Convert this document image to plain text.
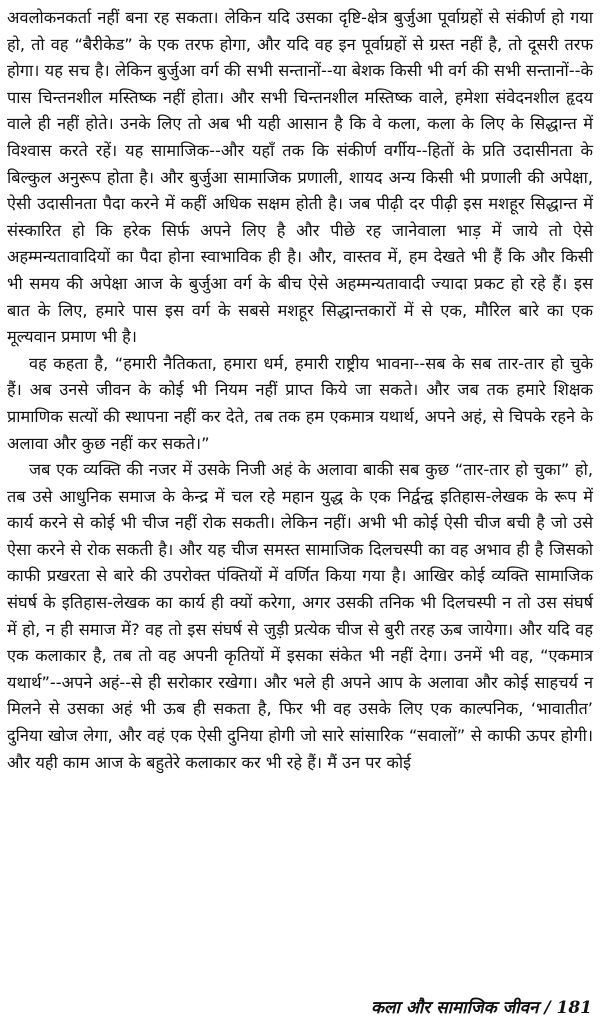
अवलोकनकर्ता नहीं बना रह सकता। लेकिन यदि उसका दृष्टि-क्षेत्र बुर्जुआ पूर्वाग्रहों से संकीर्ण हो गया हो, तो वह “बैरीकेड” के एक तरफ होगा, और यदि वह इन पूर्वाग्रहों से ग्रस्त नहीं है, तो दूसरी तरफ होगा। यह सच है। लेकिन बुर्जुआ वर्ग की सभी सन्तानों--या बेशक किसी भी वर्ग की सभी सन्तानों--के पास चिन्तनशील मस्तिष्क नहीं होता। और सभी चिन्तनशील मस्तिष्क वाले, हमेशा संवेदनशील हृदय वाले ही नहीं होते। उनके लिए तो अब भी यही आसान है कि वे कला, कला के लिए के सिद्धान्त में विश्वास करते रहें। यह सामाजिक--और यहाँ तक कि संकीर्ण वर्गीय--हितों के प्रति उदासीनता के बिल्कुल अनुरूप होता है। और बुर्जुआ सामाजिक प्रणाली, शायद अन्य किसी भी प्रणाली की अपेक्षा, ऐसी उदासीनता पैदा करने में कहीं अधिक सक्षम होती है। जब पीढ़ी दर पीढ़ी इस मशहूर सिद्धान्त में संस्कारित हो कि हरेक सिर्फ अपने लिए है और पीछे रह जानेवाला भाड़ में जाये तो ऐसे अहम्मन्यतावादियों का पैदा होना स्वाभाविक ही है। और, वास्तव में, हम देखते भी हैं कि और किसी भी समय की अपेक्षा आज के बुर्जुआ वर्ग के बीच ऐसे अहम्मन्यतावादी ज्यादा प्रकट हो रहे हैं। इस बात के लिए, हमारे पास इस वर्ग के सबसे मशहूर सिद्धान्तकारों में से एक, मौरिल बारे का एक मूल्यवान प्रमाण भी है।

वह कहता है, “हमारी नैतिकता, हमारा धर्म, हमारी राष्ट्रीय भावना--सब के सब तार-तार हो चुके हैं। अब उनसे जीवन के कोई भी नियम नहीं प्राप्त किये जा सकते। और जब तक हमारे शिक्षक प्रामाणिक सत्यों की स्थापना नहीं कर देते, तब तक हम एकमात्र यथार्थ, अपने अहं, से चिपके रहने के अलावा और कुछ नहीं कर सकते।”

जब एक व्यक्ति की नजर में उसके निजी अहं के अलावा बाकी सब कुछ “तार-तार हो चुका” हो, तब उसे आधुनिक समाज के केन्द्र में चल रहे महान युद्ध के एक निर्द्वन्द्व इतिहास-लेखक के रूप में कार्य करने से कोई भी चीज नहीं रोक सकती। लेकिन नहीं। अभी भी कोई ऐसी चीज बची है जो उसे ऐसा करने से रोक सकती है। और यह चीज समस्त सामाजिक दिलचस्पी का वह अभाव ही है जिसको काफी प्रखरता से बारे की उपरोक्त पंक्तियों में वर्णित किया गया है। आखिर कोई व्यक्ति सामाजिक संघर्ष के इतिहास-लेखक का कार्य ही क्यों करेगा, अगर उसकी तनिक भी दिलचस्पी न तो उस संघर्ष में हो, न ही समाज में? वह तो इस संघर्ष से जुड़ी प्रत्येक चीज से बुरी तरह ऊब जायेगा। और यदि वह एक कलाकार है, तब तो वह अपनी कृतियों में इसका संकेत भी नहीं देगा। उनमें भी वह, “एकमात्र यथार्थ”--अपने अहं--से ही सरोकार रखेगा। और भले ही अपने आप के अलावा और कोई साहचर्य न मिलने से उसका अहं भी ऊब ही सकता है, फिर भी वह उसके लिए एक काल्पनिक, ‘भावातीत’ दुनिया खोज लेगा, और वहं एक ऐसी दुनिया होगी जो सारे सांसारिक “सवालों” से काफी ऊपर होगी। और यही काम आज के बहुतेरे कलाकार कर भी रहे हैं। मैं उन पर कोई

कला और सामाजिक जीवन / 181
